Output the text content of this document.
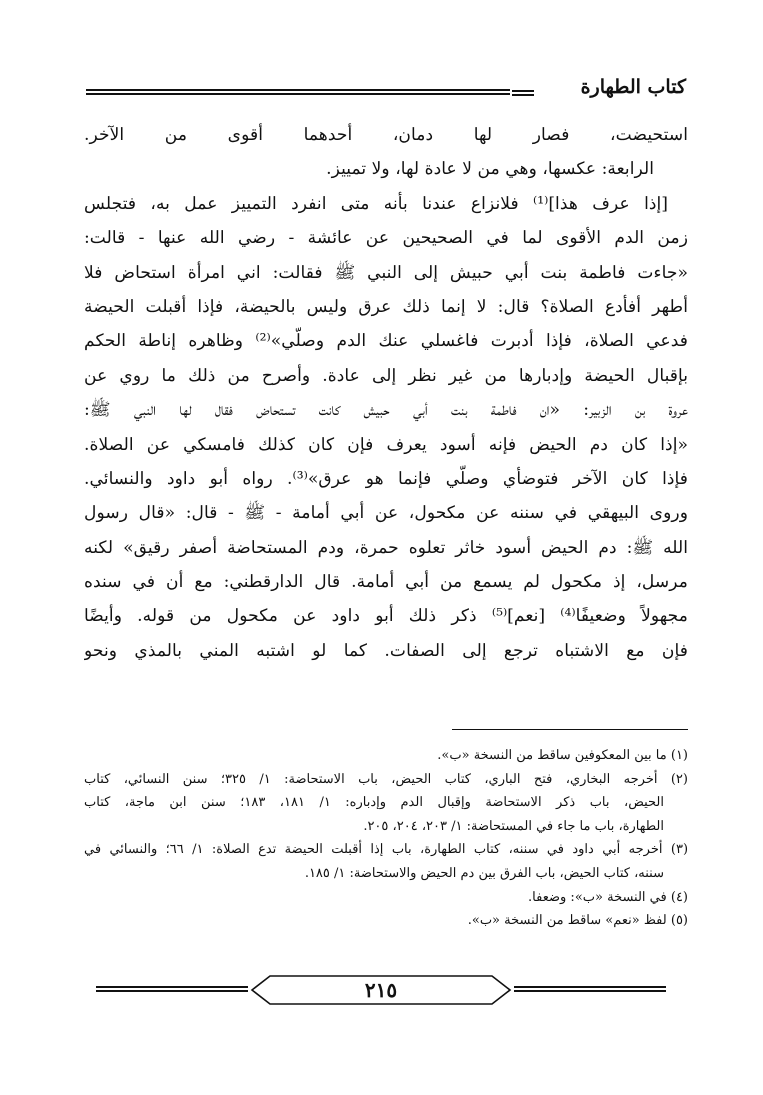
كتاب الطهارة

استحيضت، فصار لها دمان، أحدهما أقوى من الآخر.

الرابعة: عكسها، وهي من لا عادة لها، ولا تمييز.

[إذا عرف هذا]⁽¹⁾ فلانزاع عندنا بأنه متى انفرد التمييز عمل به، فتجلس

زمن الدم الأقوى لما في الصحيحين عن عائشة - رضي الله عنها - قالت:

«جاءت فاطمة بنت أبي حبيش إلى النبي ﷺ فقالت: اني امرأة استحاض فلا

أطهر أفأدع الصلاة؟ قال: لا إنما ذلك عرق وليس بالحيضة، فإذا أقبلت الحيضة

فدعي الصلاة، فإذا أدبرت فاغسلي عنك الدم وصلّي»⁽²⁾ وظاهره إناطة الحكم

بإقبال الحيضة وإدبارها من غير نظر إلى عادة. وأصرح من ذلك ما روي عن

عروة بن الزبير: «ان فاطمة بنت أبي حبيش كانت تستحاض فقال لها النبي ﷺ:

«إذا كان دم الحيض فإنه أسود يعرف فإن كان كذلك فامسكي عن الصلاة.

فإذا كان الآخر فتوضأي وصلّي فإنما هو عرق»⁽³⁾. رواه أبو داود والنسائي.

وروى البيهقي في سننه عن مكحول، عن أبي أمامة - ﷺ - قال: «قال رسول

الله ﷺ: دم الحيض أسود خاثر تعلوه حمرة، ودم المستحاضة أصفر رقيق» لكنه

مرسل، إذ مكحول لم يسمع من أبي أمامة. قال الدارقطني: مع أن في سنده

مجهولاً وضعيفًا⁽⁴⁾ [نعم]⁽⁵⁾ ذكر ذلك أبو داود عن مكحول من قوله. وأيضًا

فإن مع الاشتباه ترجع إلى الصفات. كما لو اشتبه المني بالمذي ونحو

(١) ما بين المعكوفين ساقط من النسخة «ب».

(٢) أخرجه البخاري، فتح الباري، كتاب الحيض، باب الاستحاضة: ١/ ٣٢٥؛ سنن النسائي، كتاب

الحيض، باب ذكر الاستحاضة وإقبال الدم وإدباره: ١/ ١٨١، ١٨٣؛ سنن ابن ماجة، كتاب

الطهارة، باب ما جاء في المستحاضة: ١/ ٢٠٣، ٢٠٤، ٢٠٥.

(٣) أخرجه أبي داود في سننه، كتاب الطهارة، باب إذا أقبلت الحيضة تدع الصلاة: ١/ ٦٦؛ والنسائي في

سننه، كتاب الحيض، باب الفرق بين دم الحيض والاستحاضة: ١/ ١٨٥.

(٤) في النسخة «ب»: وضعفا.

(٥) لفظ «نعم» ساقط من النسخة «ب».

٢١٥
